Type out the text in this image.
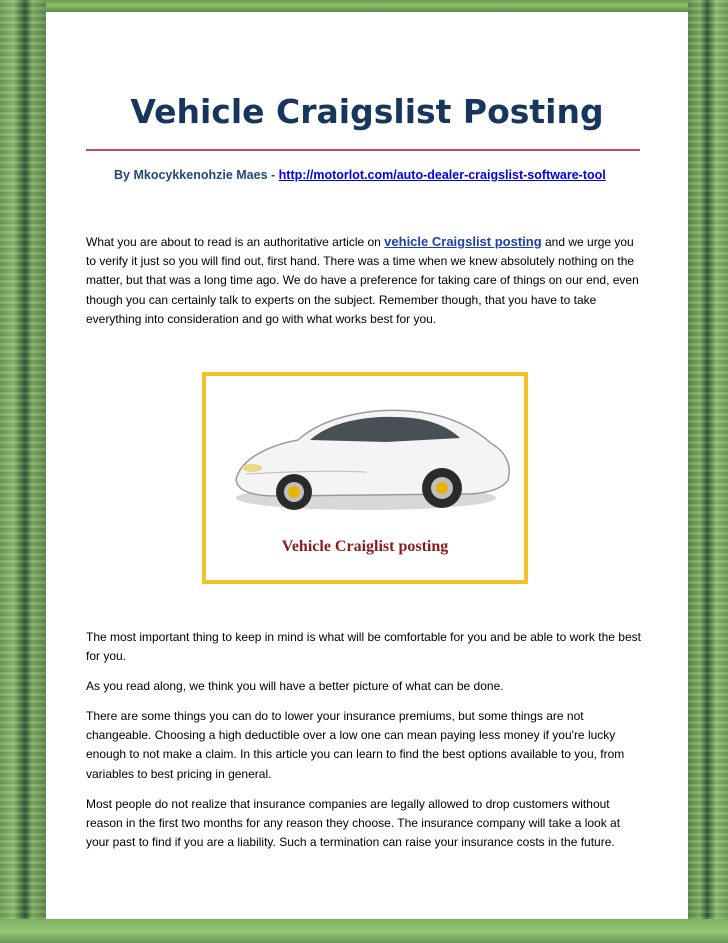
Vehicle Craigslist Posting
By Mkocykkenohzie Maes - http://motorlot.com/auto-dealer-craigslist-software-tool

What you are about to read is an authoritative article on vehicle Craigslist posting and we urge you to verify it just so you will find out, first hand. There was a time when we knew absolutely nothing on the matter, but that was a long time ago. We do have a preference for taking care of things on our end, even though you can certainly talk to experts on the subject. Remember though, that you have to take everything into consideration and go with what works best for you.

Vehicle Craiglist posting

The most important thing to keep in mind is what will be comfortable for you and be able to work the best for you.

As you read along, we think you will have a better picture of what can be done.

There are some things you can do to lower your insurance premiums, but some things are not changeable. Choosing a high deductible over a low one can mean paying less money if you're lucky enough to not make a claim. In this article you can learn to find the best options available to you, from variables to best pricing in general.

Most people do not realize that insurance companies are legally allowed to drop customers without reason in the first two months for any reason they choose. The insurance company will take a look at your past to find if you are a liability. Such a termination can raise your insurance costs in the future.
